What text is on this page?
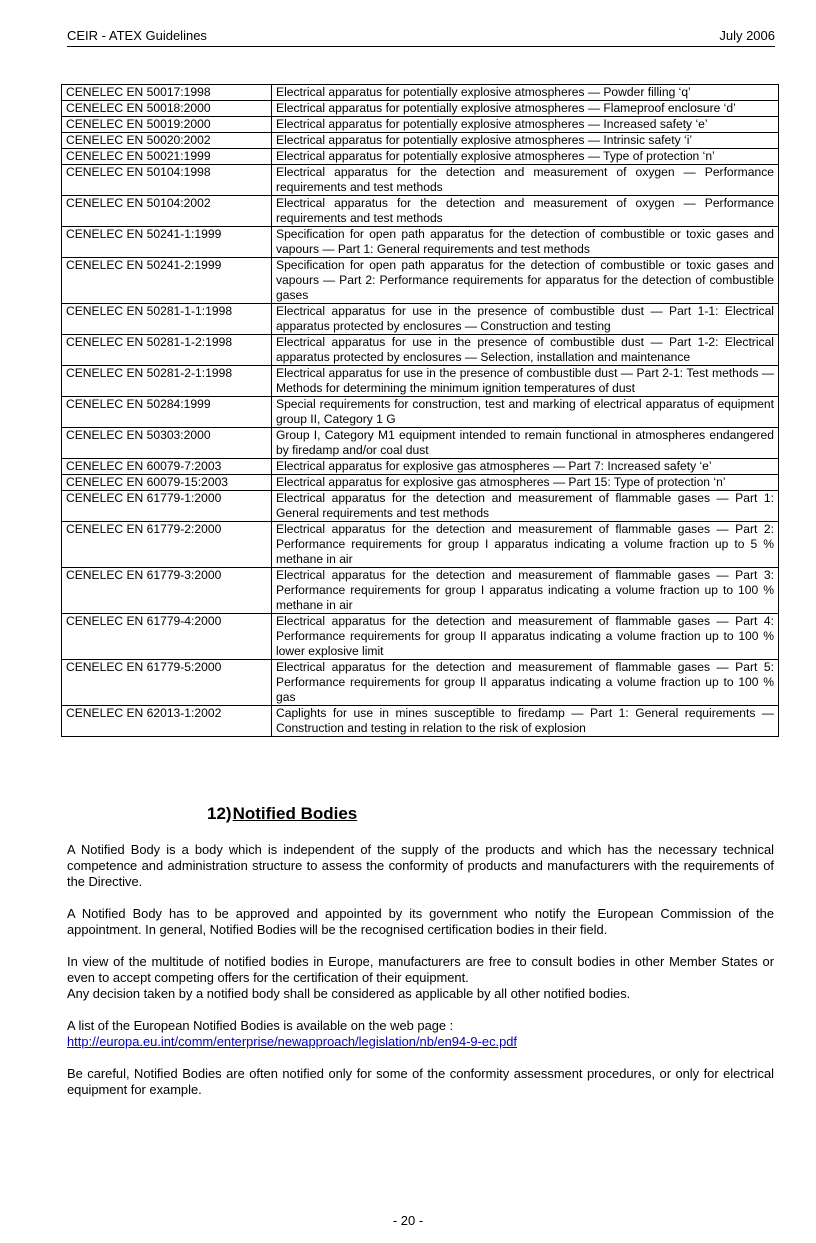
CEIR - ATEX Guidelines	July 2006
CENELEC EN 50017:1998	Electrical apparatus for potentially explosive atmospheres — Powder filling ‘q’
CENELEC EN 50018:2000	Electrical apparatus for potentially explosive atmospheres — Flameproof enclosure ‘d’
CENELEC EN 50019:2000	Electrical apparatus for potentially explosive atmospheres — Increased safety ‘e’
CENELEC EN 50020:2002	Electrical apparatus for potentially explosive atmospheres — Intrinsic safety ‘i’
CENELEC EN 50021:1999	Electrical apparatus for potentially explosive atmospheres — Type of protection ‘n’
CENELEC EN 50104:1998	Electrical apparatus for the detection and measurement of oxygen — Performance requirements and test methods
CENELEC EN 50104:2002	Electrical apparatus for the detection and measurement of oxygen — Performance requirements and test methods
CENELEC EN 50241-1:1999	Specification for open path apparatus for the detection of combustible or toxic gases and vapours — Part 1: General requirements and test methods
CENELEC EN 50241-2:1999	Specification for open path apparatus for the detection of combustible or toxic gases and vapours — Part 2: Performance requirements for apparatus for the detection of combustible gases
CENELEC EN 50281-1-1:1998	Electrical apparatus for use in the presence of combustible dust — Part 1-1: Electrical apparatus protected by enclosures — Construction and testing
CENELEC EN 50281-1-2:1998	Electrical apparatus for use in the presence of combustible dust — Part 1-2: Electrical apparatus protected by enclosures — Selection, installation and maintenance
CENELEC EN 50281-2-1:1998	Electrical apparatus for use in the presence of combustible dust — Part 2-1: Test methods — Methods for determining the minimum ignition temperatures of dust
CENELEC EN 50284:1999	Special requirements for construction, test and marking of electrical apparatus of equipment group II, Category 1 G
CENELEC EN 50303:2000	Group I, Category M1 equipment intended to remain functional in atmospheres endangered by firedamp and/or coal dust
CENELEC EN 60079-7:2003	Electrical apparatus for explosive gas atmospheres — Part 7: Increased safety ‘e’
CENELEC EN 60079-15:2003	Electrical apparatus for explosive gas atmospheres — Part 15: Type of protection ‘n’
CENELEC EN 61779-1:2000	Electrical apparatus for the detection and measurement of flammable gases — Part 1: General requirements and test methods
CENELEC EN 61779-2:2000	Electrical apparatus for the detection and measurement of flammable gases — Part 2: Performance requirements for group I apparatus indicating a volume fraction up to 5 % methane in air
CENELEC EN 61779-3:2000	Electrical apparatus for the detection and measurement of flammable gases — Part 3: Performance requirements for group I apparatus indicating a volume fraction up to 100 % methane in air
CENELEC EN 61779-4:2000	Electrical apparatus for the detection and measurement of flammable gases — Part 4: Performance requirements for group II apparatus indicating a volume fraction up to 100 % lower explosive limit
CENELEC EN 61779-5:2000	Electrical apparatus for the detection and measurement of flammable gases — Part 5: Performance requirements for group II apparatus indicating a volume fraction up to 100 % gas
CENELEC EN 62013-1:2002	Caplights for use in mines susceptible to firedamp — Part 1: General requirements — Construction and testing in relation to the risk of explosion
12)Notified Bodies

A Notified Body is a body which is independent of the supply of the products and which has the necessary technical competence and administration structure to assess the conformity of products and manufacturers with the requirements of the Directive.

A Notified Body has to be approved and appointed by its government who notify the European Commission of the appointment. In general, Notified Bodies will be the recognised certification bodies in their field.

In view of the multitude of notified bodies in Europe, manufacturers are free to consult bodies in other Member States or even to accept competing offers for the certification of their equipment.

Any decision taken by a notified body shall be considered as applicable by all other notified bodies.

A list of the European Notified Bodies is available on the web page :
http://europa.eu.int/comm/enterprise/newapproach/legislation/nb/en94-9-ec.pdf

Be careful, Notified Bodies are often notified only for some of the conformity assessment procedures, or only for electrical equipment for example.

- 20 -
